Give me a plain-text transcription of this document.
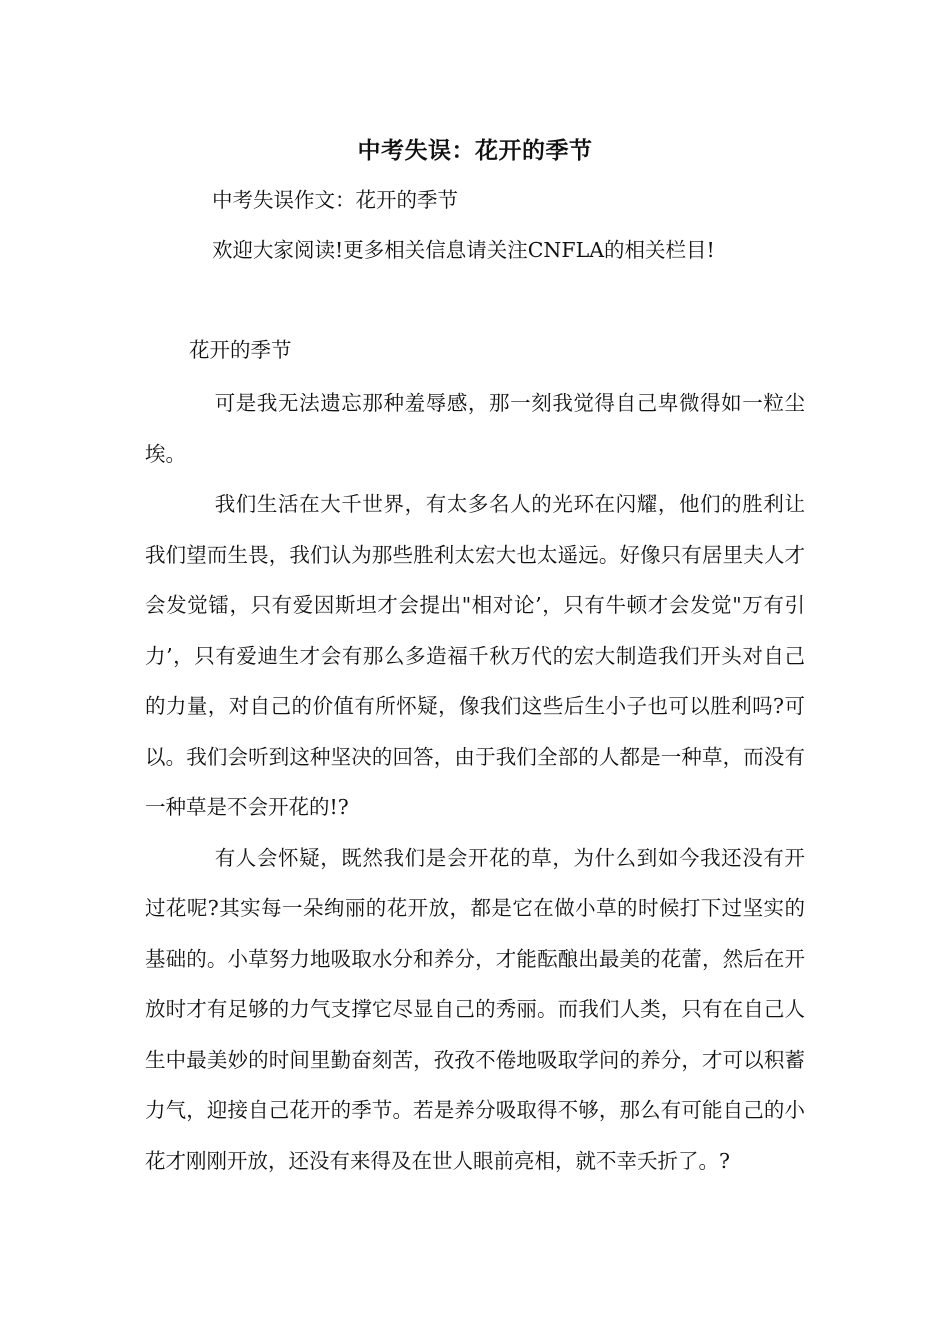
中考失误：花开的季节
中考失误作文：花开的季节
欢迎大家阅读!更多相关信息请关注CNFLA的相关栏目!
花开的季节

可是我无法遗忘那种羞辱感，那一刻我觉得自己卑微得如一粒尘埃。

我们生活在大千世界，有太多名人的光环在闪耀，他们的胜利让我们望而生畏，我们认为那些胜利太宏大也太遥远。好像只有居里夫人才会发觉镭，只有爱因斯坦才会提出"相对论’，只有牛顿才会发觉"万有引力’，只有爱迪生才会有那么多造福千秋万代的宏大制造我们开头对自己的力量，对自己的价值有所怀疑，像我们这些后生小子也可以胜利吗?可以。我们会听到这种坚决的回答，由于我们全部的人都是一种草，而没有一种草是不会开花的!?

有人会怀疑，既然我们是会开花的草，为什么到如今我还没有开过花呢?其实每一朵绚丽的花开放，都是它在做小草的时候打下过坚实的基础的。小草努力地吸取水分和养分，才能酝酿出最美的花蕾，然后在开放时才有足够的力气支撑它尽显自己的秀丽。而我们人类，只有在自己人生中最美妙的时间里勤奋刻苦，孜孜不倦地吸取学问的养分，才可以积蓄力气，迎接自己花开的季节。若是养分吸取得不够，那么有可能自己的小花才刚刚开放，还没有来得及在世人眼前亮相，就不幸夭折了。?
